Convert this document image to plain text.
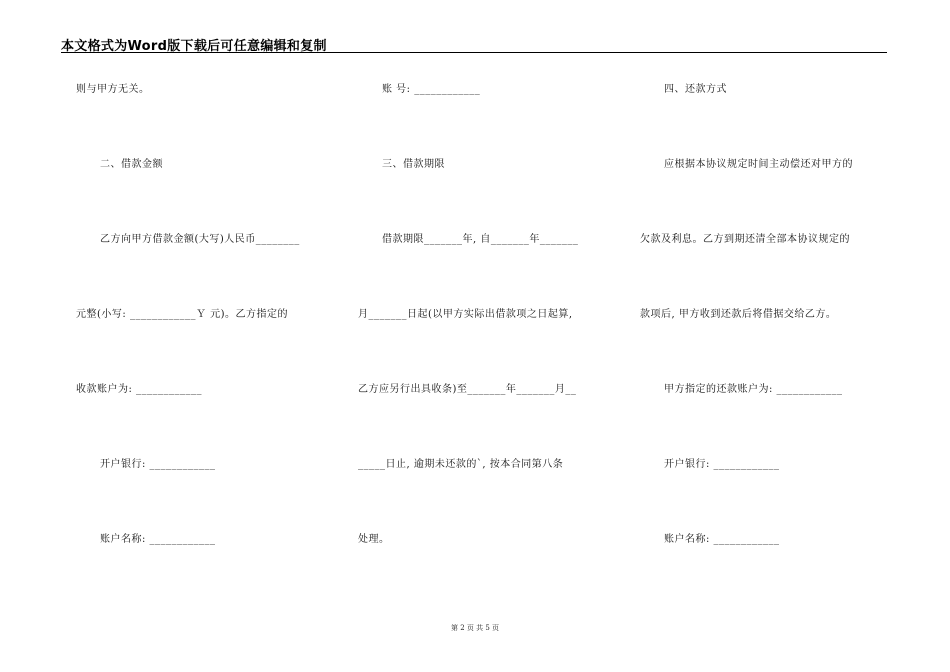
本文格式为Word版下载后可任意编辑和复制
则与甲方无关。
二、借款金额
乙方向甲方借款金额(大写)人民币________
元整(小写: ____________Ｙ 元)。乙方指定的
收款账户为: ____________
开户银行: ____________
账户名称: ____________
账 号: ____________
三、借款期限
借款期限_______年, 自_______年_______
月_______日起(以甲方实际出借款项之日起算,
乙方应另行出具收条)至_______年_______月__
_____日止, 逾期未还款的`, 按本合同第八条
处理。
四、还款方式
应根据本协议规定时间主动偿还对甲方的
欠款及利息。乙方到期还清全部本协议规定的
款项后, 甲方收到还款后将借据交给乙方。
甲方指定的还款账户为: ____________
开户银行: ____________
账户名称: ____________
第 2 页 共 5 页
